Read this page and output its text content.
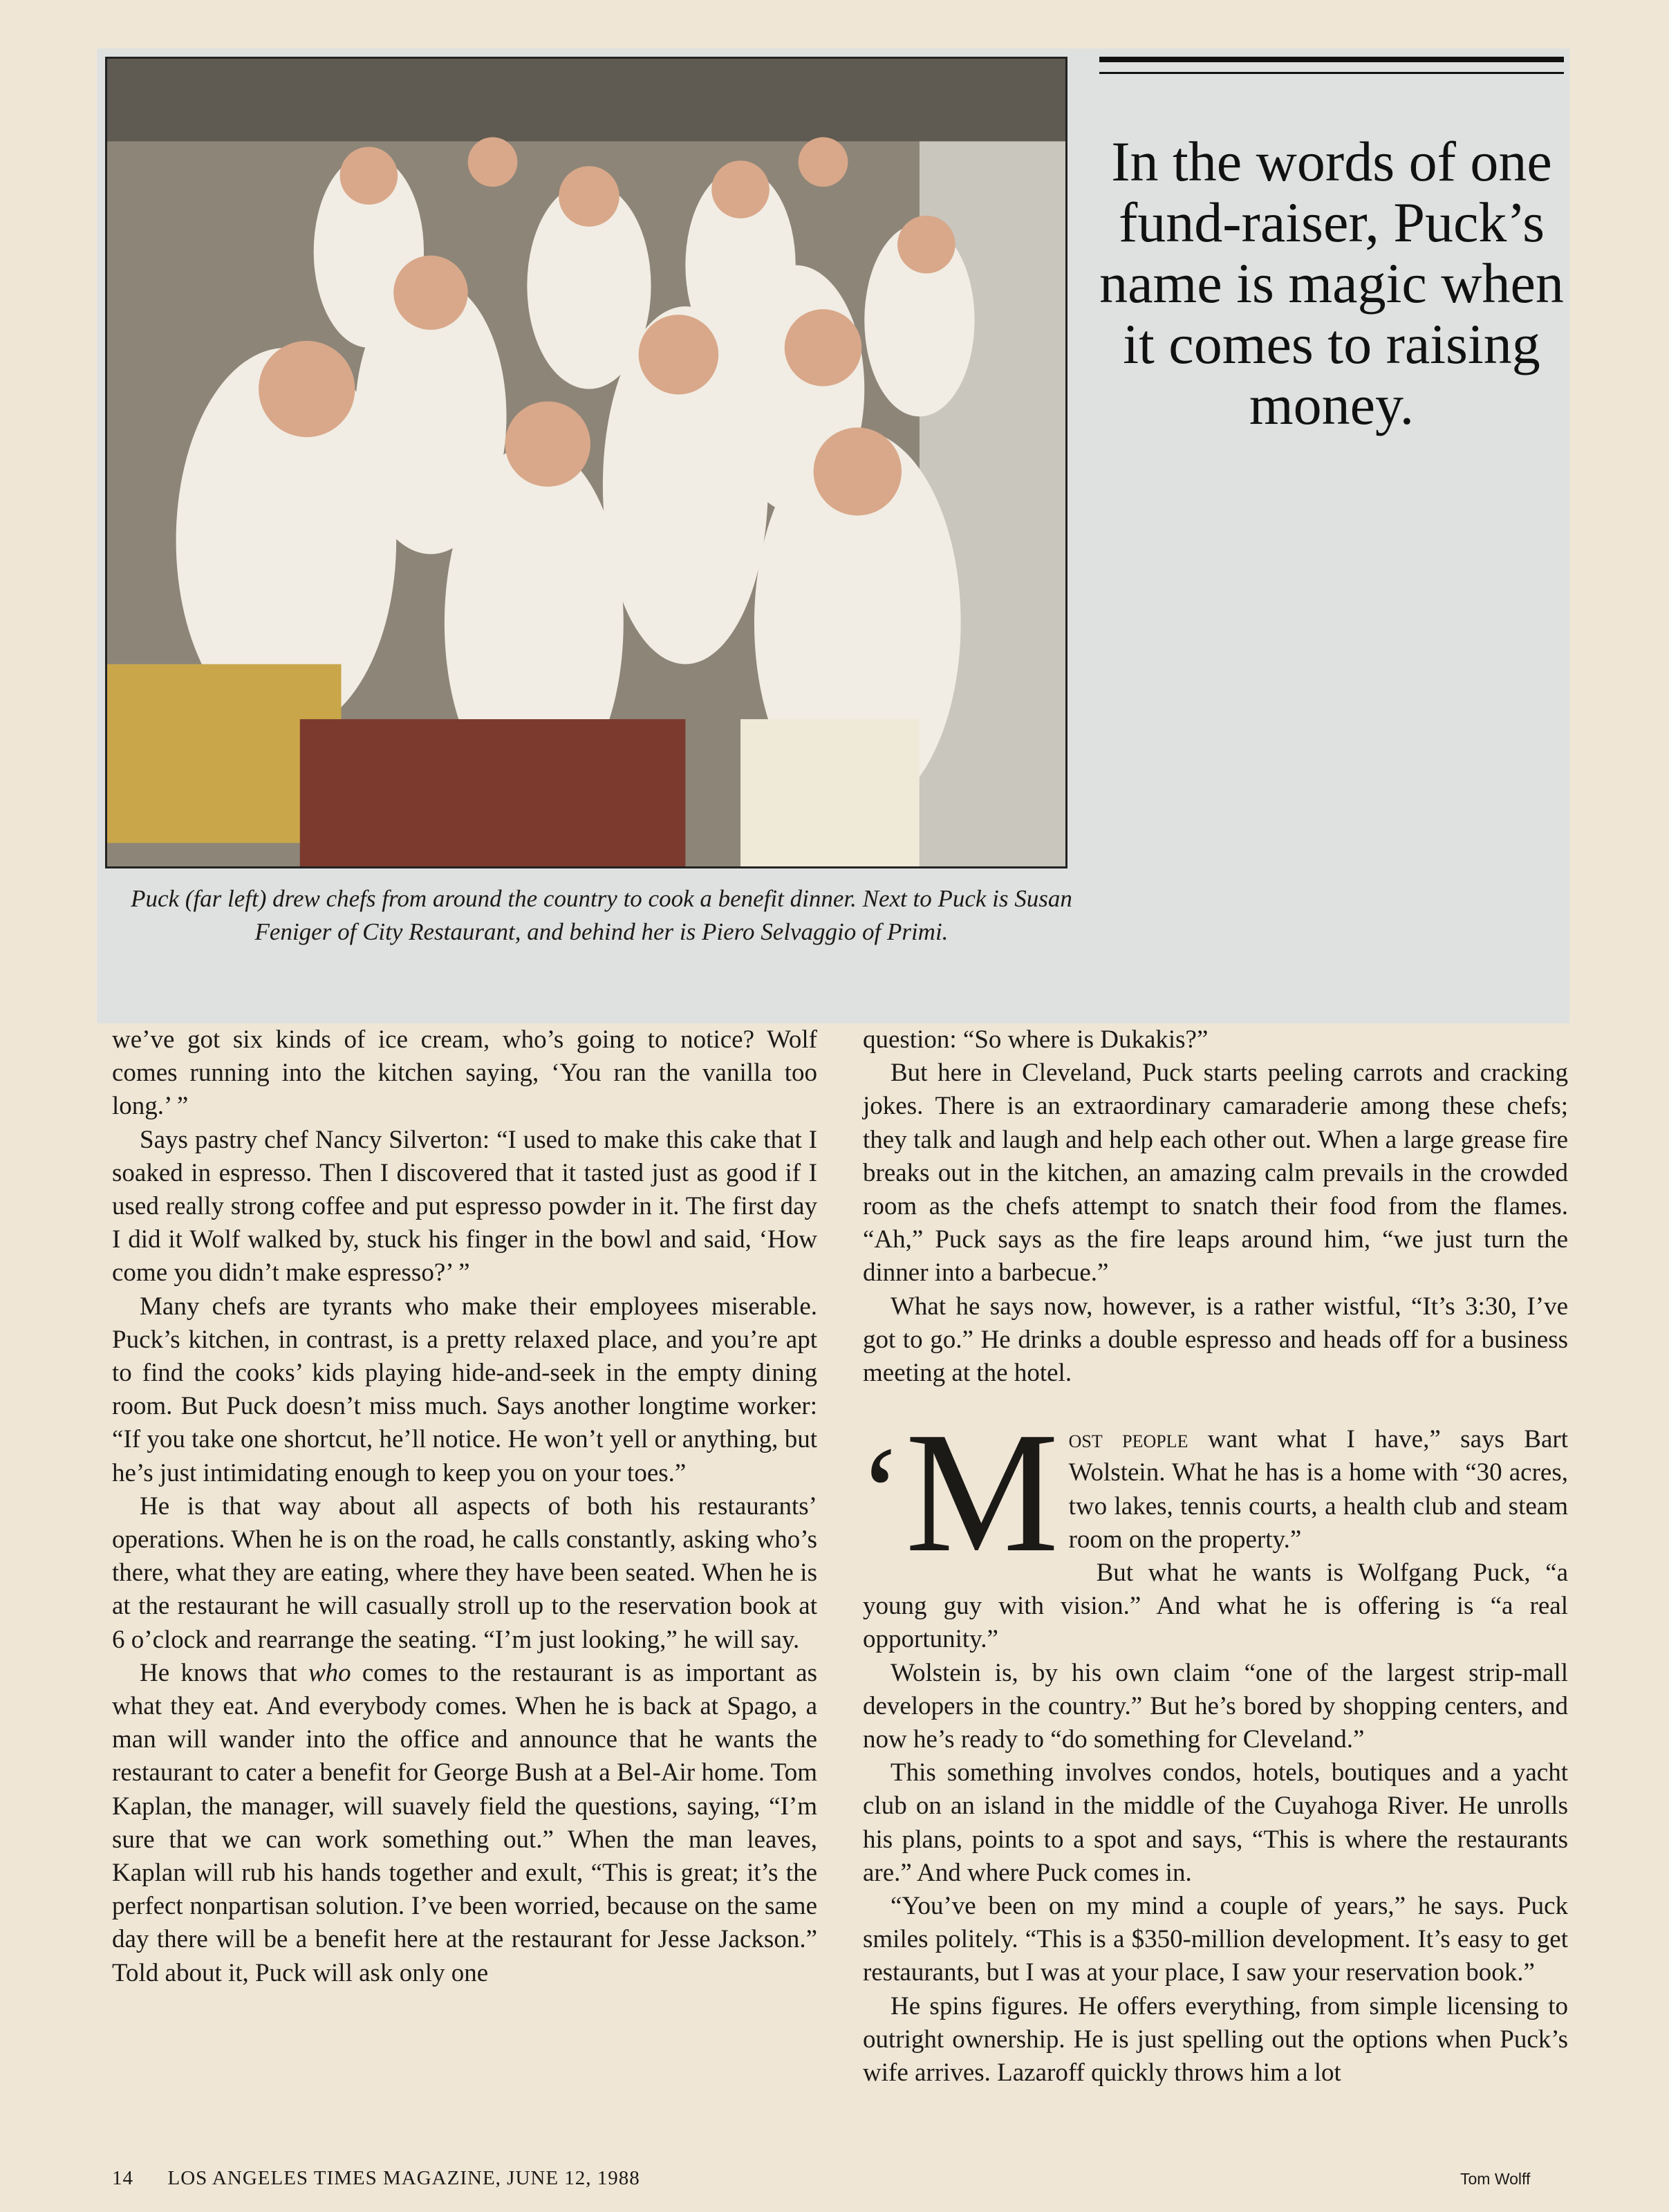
In the words of one fund-raiser, Puck’s name is magic when it comes to raising money.
Puck (far left) drew chefs from around the country to cook a benefit dinner. Next to Puck is Susan Feniger of City Restaurant, and behind her is Piero Selvaggio of Primi.

we’ve got six kinds of ice cream, who’s going to notice? Wolf comes running into the kitchen saying, ‘You ran the vanilla too long.’ ”

Says pastry chef Nancy Silverton: “I used to make this cake that I soaked in espresso. Then I discovered that it tasted just as good if I used really strong coffee and put espresso powder in it. The first day I did it Wolf walked by, stuck his finger in the bowl and said, ‘How come you didn’t make espresso?’ ”

Many chefs are tyrants who make their employees miserable. Puck’s kitchen, in contrast, is a pretty relaxed place, and you’re apt to find the cooks’ kids playing hide-and-seek in the empty dining room. But Puck doesn’t miss much. Says another longtime worker: “If you take one shortcut, he’ll notice. He won’t yell or anything, but he’s just intimidating enough to keep you on your toes.”

He is that way about all aspects of both his restaurants’ operations. When he is on the road, he calls constantly, asking who’s there, what they are eating, where they have been seated. When he is at the restaurant he will casually stroll up to the reservation book at 6 o’clock and rearrange the seating. “I’m just looking,” he will say.

He knows that who comes to the restaurant is as important as what they eat. And everybody comes. When he is back at Spago, a man will wander into the office and announce that he wants the restaurant to cater a benefit for George Bush at a Bel-Air home. Tom Kaplan, the manager, will suavely field the questions, saying, “I’m sure that we can work something out.” When the man leaves, Kaplan will rub his hands together and exult, “This is great; it’s the perfect nonpartisan solution. I’ve been worried, because on the same day there will be a benefit here at the restaurant for Jesse Jackson.” Told about it, Puck will ask only one

question: “So where is Dukakis?”

But here in Cleveland, Puck starts peeling carrots and cracking jokes. There is an extraordinary camaraderie among these chefs; they talk and laugh and help each other out. When a large grease fire breaks out in the kitchen, an amazing calm prevails in the crowded room as the chefs attempt to snatch their food from the flames. “Ah,” Puck says as the fire leaps around him, “we just turn the dinner into a barbecue.”

What he says now, however, is a rather wistful, “It’s 3:30, I’ve got to go.” He drinks a double espresso and heads off for a business meeting at the hotel.

‘M ost people want what I have,” says Bart Wolstein. What he has is a home with “30 acres, two lakes, tennis courts, a health club and steam room on the property.”

But what he wants is Wolfgang Puck, “a young guy with vision.” And what he is offering is “a real opportunity.”

Wolstein is, by his own claim “one of the largest strip-mall developers in the country.” But he’s bored by shopping centers, and now he’s ready to “do something for Cleveland.”

This something involves condos, hotels, boutiques and a yacht club on an island in the middle of the Cuyahoga River. He unrolls his plans, points to a spot and says, “This is where the restaurants are.” And where Puck comes in.

“You’ve been on my mind a couple of years,” he says. Puck smiles politely. “This is a $350-million development. It’s easy to get restaurants, but I was at your place, I saw your reservation book.”

He spins figures. He offers everything, from simple licensing to outright ownership. He is just spelling out the options when Puck’s wife arrives. Lazaroff quickly throws him a lot

14 LOS ANGELES TIMES MAGAZINE, JUNE 12, 1988	Tom Wolff
